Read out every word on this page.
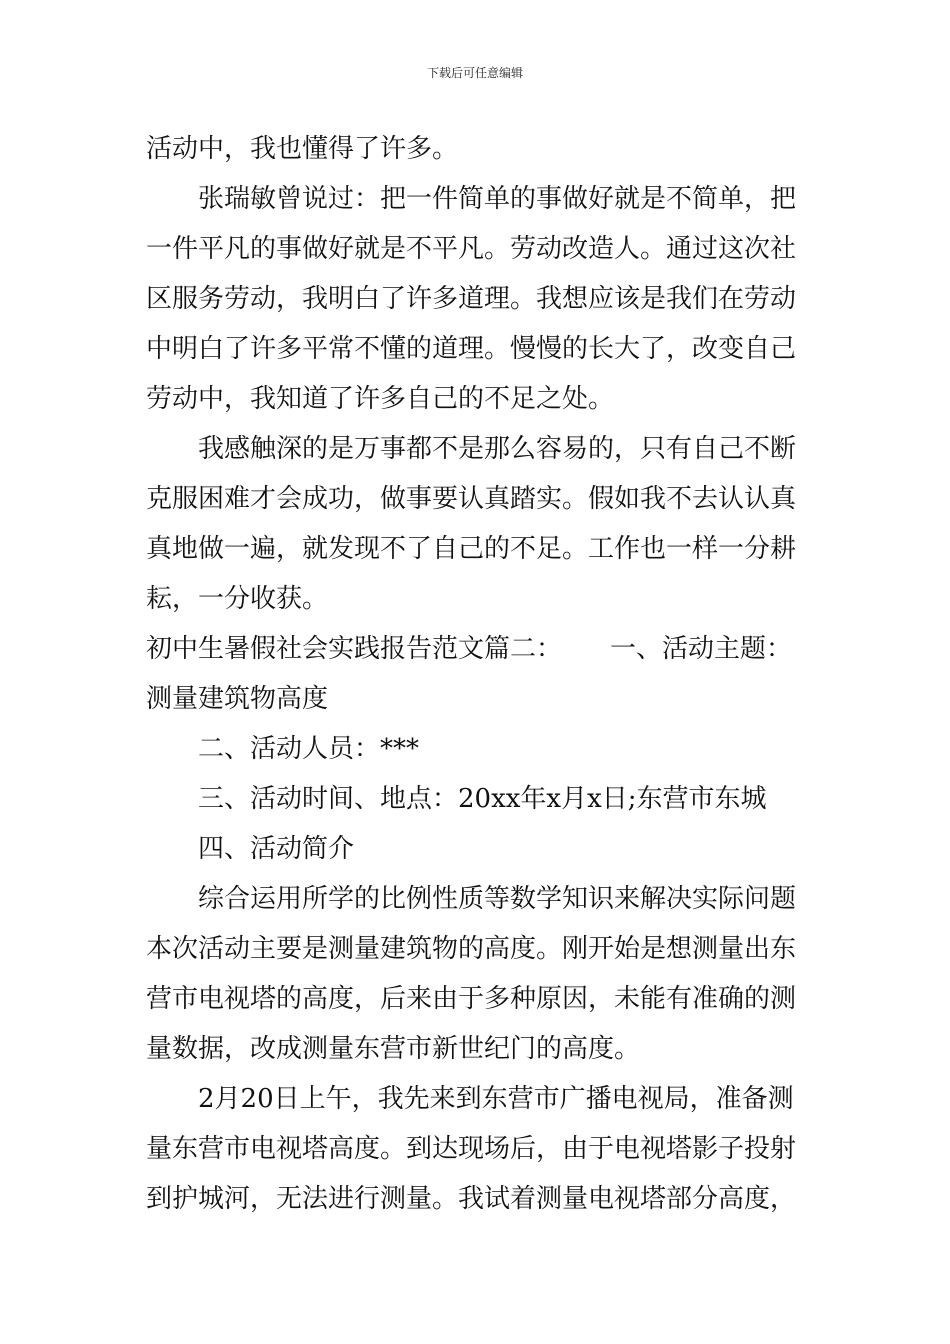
下载后可任意编辑
活动中，我也懂得了许多。
张瑞敏曾说过：把一件简单的事做好就是不简单，把
一件平凡的事做好就是不平凡。劳动改造人。通过这次社
区服务劳动，我明白了许多道理。我想应该是我们在劳动
中明白了许多平常不懂的道理。慢慢的长大了，改变自己
劳动中，我知道了许多自己的不足之处。
我感触深的是万事都不是那么容易的，只有自己不断
克服困难才会成功，做事要认真踏实。假如我不去认认真
真地做一遍，就发现不了自己的不足。工作也一样一分耕
耘，一分收获。
初中生暑假社会实践报告范文篇二： 一、活动主题：
测量建筑物高度
二、活动人员：***
三、活动时间、地点：20xx年x月x日;东营市东城
四、活动简介
综合运用所学的比例性质等数学知识来解决实际问题
本次活动主要是测量建筑物的高度。刚开始是想测量出东
营市电视塔的高度，后来由于多种原因，未能有准确的测
量数据，改成测量东营市新世纪门的高度。
2月20日上午，我先来到东营市广播电视局，准备测
量东营市电视塔高度。到达现场后，由于电视塔影子投射
到护城河，无法进行测量。我试着测量电视塔部分高度，
